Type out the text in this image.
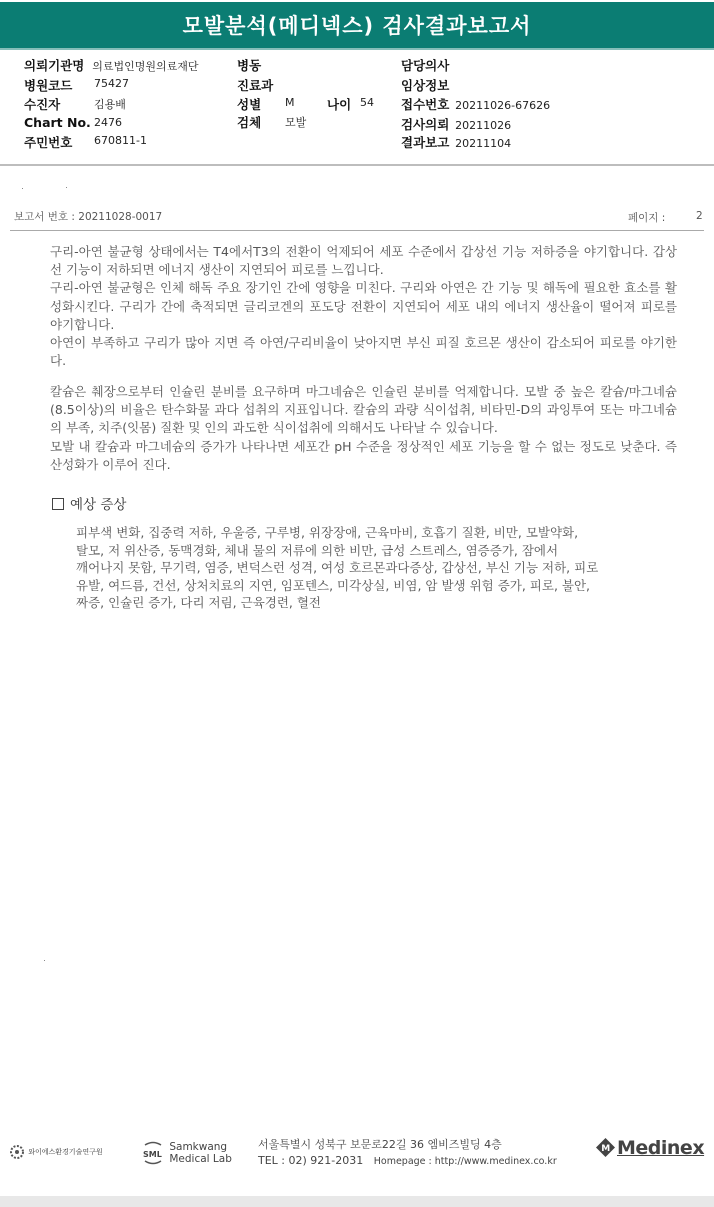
모발분석(메디넥스) 검사결과보고서
의뢰기관명 의료법인명원의료재단
병원코드 75427
수진자	김용배
Chart No. 2476
주민번호 670811-1
병동
진료과
성별 M	나이 54
검체 모발
담당의사
임상정보
접수번호 20211026-67626
검사의뢰 20211026
결과보고 20211104
보고서 번호 : 20211028-0017	페이지 :	2

구리-아연 불균형 상태에서는 T4에서T3의 전환이 억제되어 세포 수준에서 갑상선 기능 저하증을 야기합니다. 갑상선 기능이 저하되면 에너지 생산이 지연되어 피로를 느낍니다.

구리-아연 불균형은 인체 해독 주요 장기인 간에 영향을 미친다. 구리와 아연은 간 기능 및 해독에 필요한 효소를 활성화시킨다. 구리가 간에 축적되면 글리코겐의 포도당 전환이 지연되어 세포 내의 에너지 생산율이 떨어져 피로를 야기합니다.

아연이 부족하고 구리가 많아 지면 즉 아연/구리비율이 낮아지면 부신 피질 호르몬 생산이 감소되어 피로를 야기한다.

칼슘은 췌장으로부터 인슐린 분비를 요구하며 마그네슘은 인슐린 분비를 억제합니다. 모발 중 높은 칼슘/마그네슘(8.5이상)의 비율은 탄수화물 과다 섭취의 지표입니다. 칼슘의 과량 식이섭취, 비타민-D의 과잉투여 또는 마그네슘의 부족, 치주(잇몸) 질환 및 인의 과도한 식이섭취에 의해서도 나타날 수 있습니다.

모발 내 칼슘과 마그네슘의 증가가 나타나면 세포간 pH 수준을 정상적인 세포 기능을 할 수 없는 정도로 낮춘다. 즉 산성화가 이루어 진다.

예상 증상

피부색 변화, 집중력 저하, 우울증, 구루병, 위장장애, 근육마비, 호흡기 질환, 비만, 모발약화,

탈모, 저 위산증, 동맥경화, 체내 물의 저류에 의한 비만, 급성 스트레스, 염증증가, 잠에서

깨어나지 못함, 무기력, 염증, 변덕스런 성격, 여성 호르몬과다증상, 갑상선, 부신 기능 저하, 피로

유발, 여드름, 건선, 상처치료의 지연, 임포텐스, 미각상실, 비염, 암 발생 위험 증가, 피로, 불안,

짜증, 인슐린 증가, 다리 저림, 근육경련, 혈전

와이에스환경기술연구원	SML

Samkwang
Medical Lab
서울특별시 성북구 보문로22길 36 엠비즈빌딩 4층
TEL : 02) 921-2031 Homepage : http://www.medinex.co.kr
M Medinex
